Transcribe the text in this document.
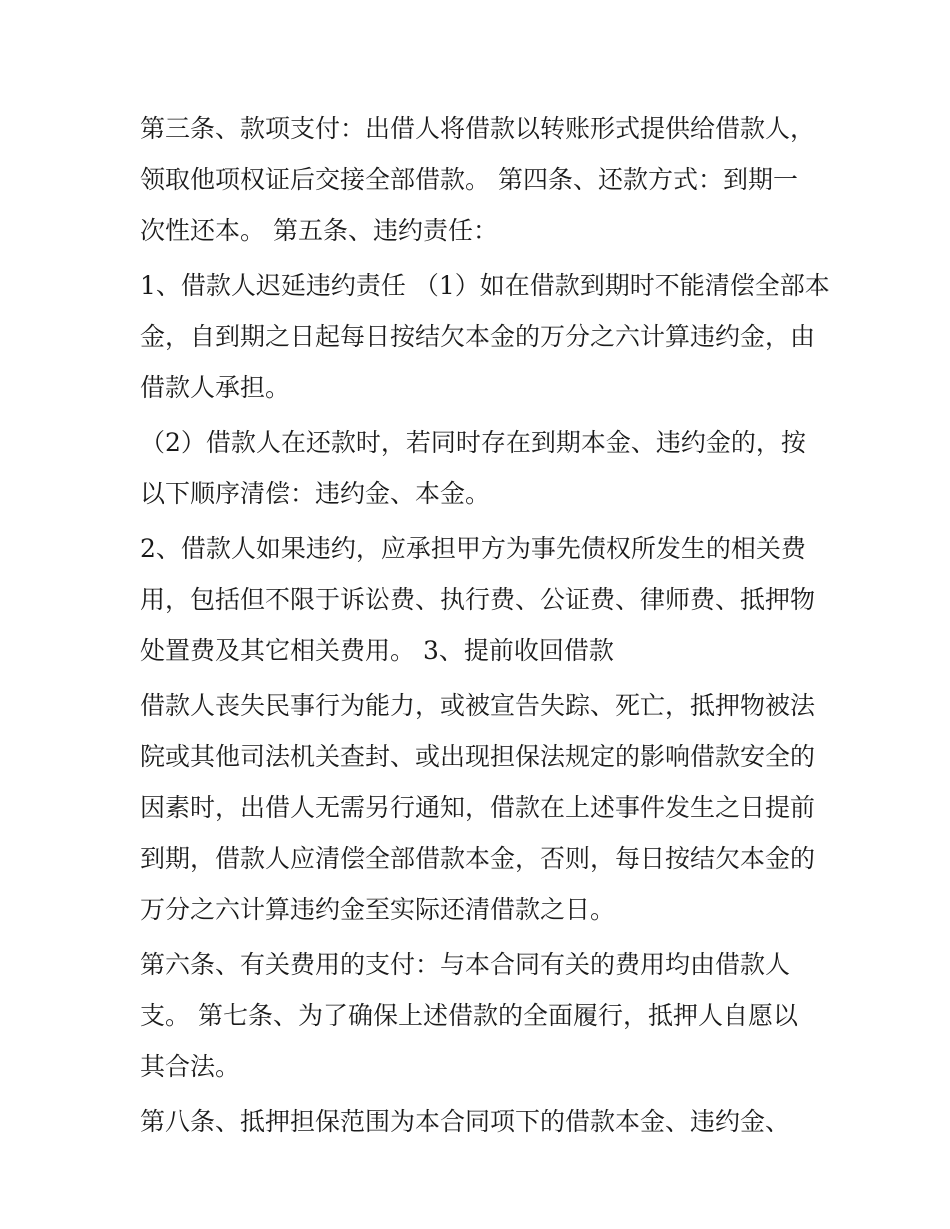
第三条、款项支付：出借人将借款以转账形式提供给借款人，
领取他项权证后交接全部借款。 第四条、还款方式：到期一
次性还本。 第五条、违约责任：
1、借款人迟延违约责任 （1）如在借款到期时不能清偿全部本
金，自到期之日起每日按结欠本金的万分之六计算违约金，由
借款人承担。
（2）借款人在还款时，若同时存在到期本金、违约金的，按
以下顺序清偿：违约金、本金。
2、借款人如果违约，应承担甲方为事先债权所发生的相关费
用，包括但不限于诉讼费、执行费、公证费、律师费、抵押物
处置费及其它相关费用。 3、提前收回借款
借款人丧失民事行为能力，或被宣告失踪、死亡，抵押物被法
院或其他司法机关查封、或出现担保法规定的影响借款安全的
因素时，出借人无需另行通知，借款在上述事件发生之日提前
到期，借款人应清偿全部借款本金，否则，每日按结欠本金的
万分之六计算违约金至实际还清借款之日。
第六条、有关费用的支付：与本合同有关的费用均由借款人
支。 第七条、为了确保上述借款的全面履行，抵押人自愿以
其合法。
第八条、抵押担保范围为本合同项下的借款本金、违约金、
